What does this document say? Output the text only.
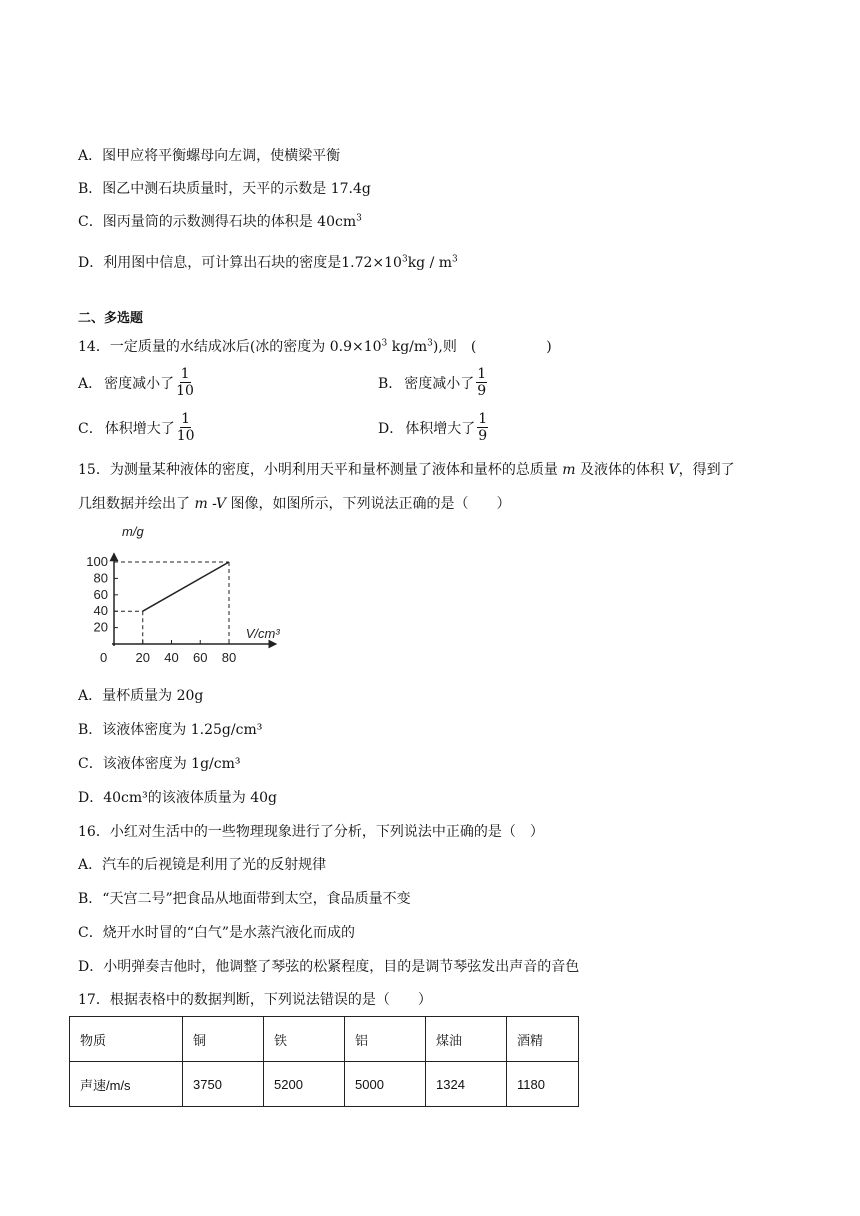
A．图甲应将平衡螺母向左调，使横梁平衡
B．图乙中测石块质量时，天平的示数是 17.4g
C．图丙量筒的示数测得石块的体积是 $40cm^3$
D．利用图中信息，可计算出石块的密度是$1.72\times 10^3kg / m^3$
二、多选题
14．一定质量的水结成冰后(冰的密度为 $0.9\times 10^3$ $kg/m^3$),则　(　　　　　)
A． 密度减小了 $\frac{1}{10}$	B． 密度减小了 $\frac{1}{9}$
C． 体积增大了 $\frac{1}{10}$	D． 体积增大了 $\frac{1}{9}$
15．为测量某种液体的密度，小明利用天平和量杯测量了液体和量杯的总质量 m 及液体的体积 V，得到了
几组数据并绘出了 m -V 图像，如图所示，下列说法正确的是（　　）
0 20 40 60 80
20
40
60
80
100
m/g
V/cm³
A．量杯质量为 20g
B．该液体密度为 1.25g/cm³
C．该液体密度为 1g/cm³
D．40cm³的该液体质量为 40g
16．小红对生活中的一些物理现象进行了分析，下列说法中正确的是（　）
A．汽车的后视镜是利用了光的反射规律
B．“天宫二号”把食品从地面带到太空，食品质量不变
C．烧开水时冒的“白气”是水蒸汽液化而成的
D．小明弹奏吉他时，他调整了琴弦的松紧程度，目的是调节琴弦发出声音的音色
17．根据表格中的数据判断，下列说法错误的是（　　）
物质	铜	铁	铝	煤油	酒精
声速/m/s	3750	5200	5000	1324	1180
